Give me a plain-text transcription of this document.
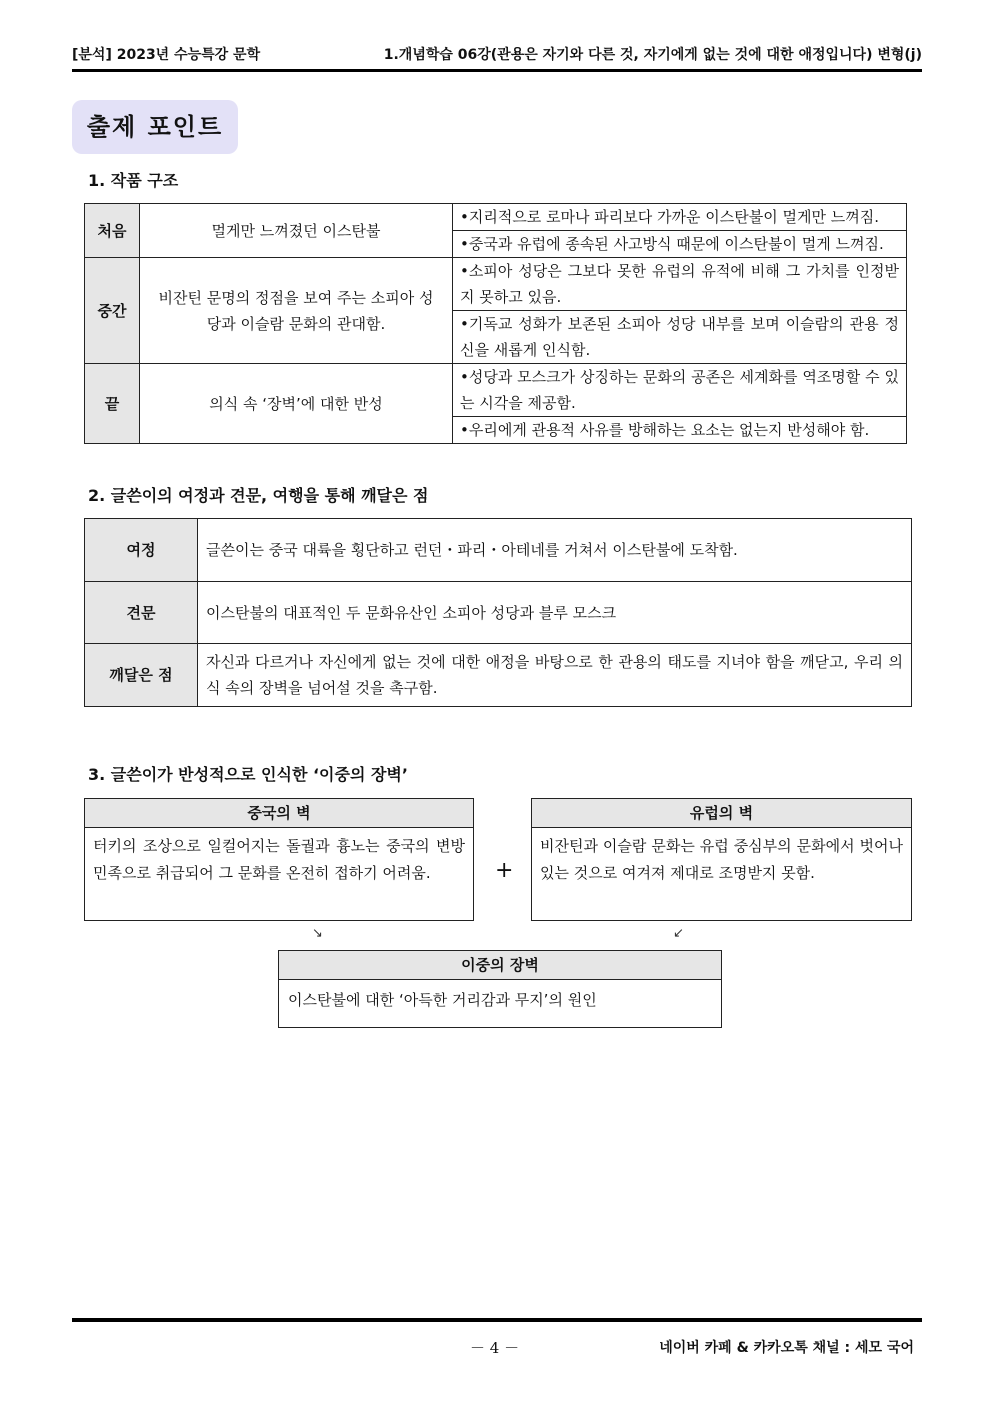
[분석] 2023년 수능특강 문학	1.개념학습 06강(관용은 자기와 다른 것, 자기에게 없는 것에 대한 애정입니다) 변형(j)
출제 포인트
1. 작품 구조
처음	멀게만 느껴졌던 이스탄불	•지리적으로 로마나 파리보다 가까운 이스탄불이 멀게만 느껴짐.
		•중국과 유럽에 종속된 사고방식 때문에 이스탄불이 멀게 느껴짐.
중간	비잔틴 문명의 정점을 보여 주는 소피아 성당과 이슬람 문화의 관대함.	•소피아 성당은 그보다 못한 유럽의 유적에 비해 그 가치를 인정받지 못하고 있음.
		•기독교 성화가 보존된 소피아 성당 내부를 보며 이슬람의 관용 정신을 새롭게 인식함.
끝	의식 속 ‘장벽’에 대한 반성	•성당과 모스크가 상징하는 문화의 공존은 세계화를 역조명할 수 있는 시각을 제공함.
		•우리에게 관용적 사유를 방해하는 요소는 없는지 반성해야 함.
2. 글쓴이의 여정과 견문, 여행을 통해 깨달은 점
여정	글쓴이는 중국 대륙을 횡단하고 런던・파리・아테네를 거쳐서 이스탄불에 도착함.
견문	이스탄불의 대표적인 두 문화유산인 소피아 성당과 블루 모스크
깨달은 점	자신과 다르거나 자신에게 없는 것에 대한 애정을 바탕으로 한 관용의 태도를 지녀야 함을 깨닫고, 우리 의식 속의 장벽을 넘어설 것을 촉구함.
3. 글쓴이가 반성적으로 인식한 ‘이중의 장벽’
중국의 벽
터키의 조상으로 일컬어지는 돌궐과 흉노는 중국의 변방 민족으로 취급되어 그 문화를 온전히 접하기 어려움.	+
유럽의 벽
비잔틴과 이슬람 문화는 유럽 중심부의 문화에서 벗어나 있는 것으로 여겨져 제대로 조명받지 못함.
↘	↙
이중의 장벽
이스탄불에 대한 ‘아득한 거리감과 무지’의 원인
－ 4 －	네이버 카페 & 카카오톡 채널 : 세모 국어
